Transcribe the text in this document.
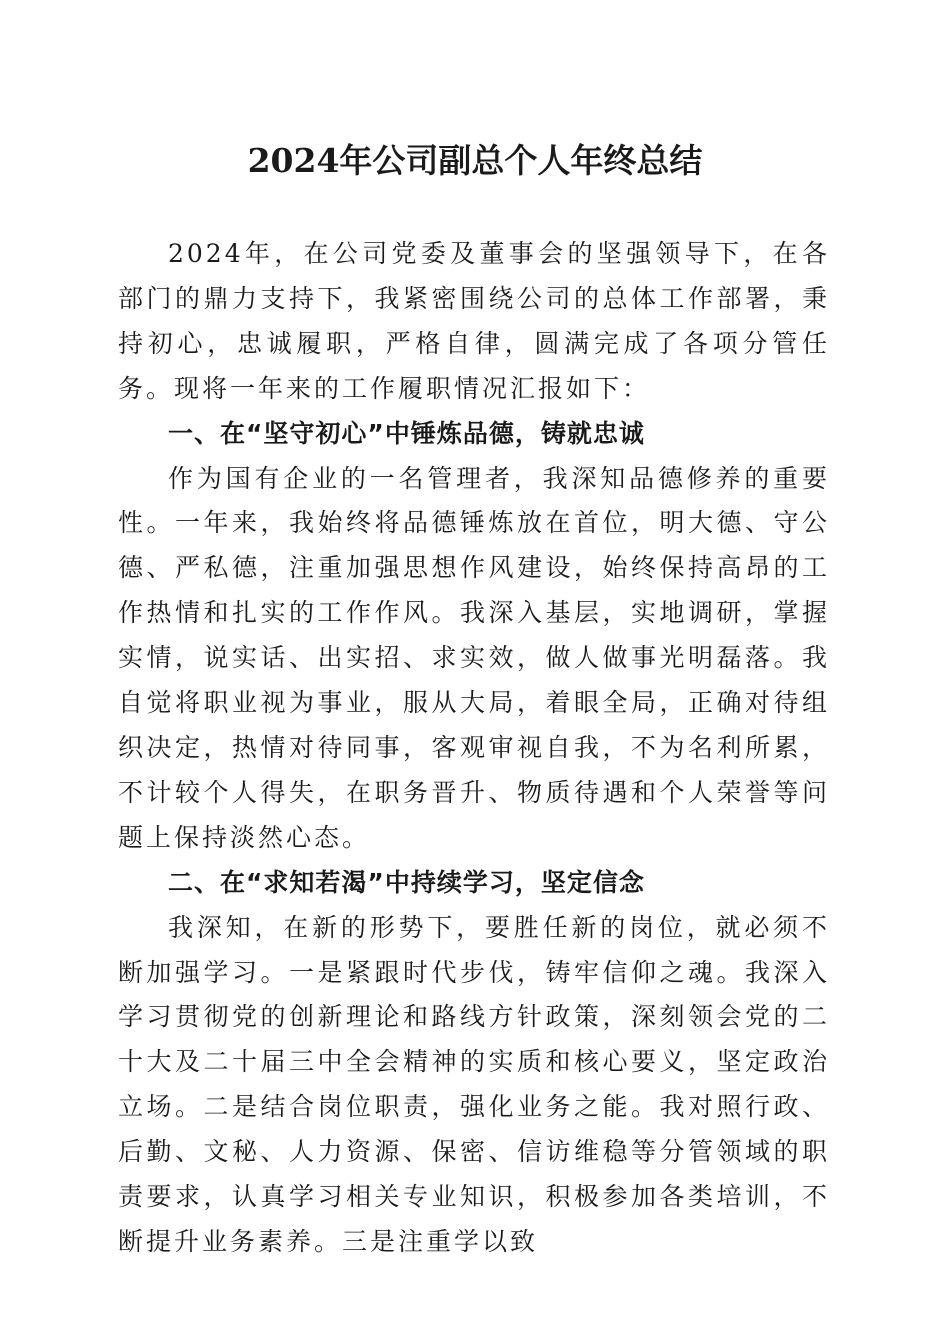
2024年公司副总个人年终总结

2024年，在公司党委及董事会的坚强领导下，在各部门的鼎力支持下，我紧密围绕公司的总体工作部署，秉持初心，忠诚履职，严格自律，圆满完成了各项分管任务。现将一年来的工作履职情况汇报如下：

一、在“坚守初心”中锤炼品德，铸就忠诚

作为国有企业的一名管理者，我深知品德修养的重要性。一年来，我始终将品德锤炼放在首位，明大德、守公德、严私德，注重加强思想作风建设，始终保持高昂的工作热情和扎实的工作作风。我深入基层，实地调研，掌握实情，说实话、出实招、求实效，做人做事光明磊落。我自觉将职业视为事业，服从大局，着眼全局，正确对待组织决定，热情对待同事，客观审视自我，不为名利所累，不计较个人得失，在职务晋升、物质待遇和个人荣誉等问题上保持淡然心态。

二、在“求知若渴”中持续学习，坚定信念

我深知，在新的形势下，要胜任新的岗位，就必须不断加强学习。一是紧跟时代步伐，铸牢信仰之魂。我深入学习贯彻党的创新理论和路线方针政策，深刻领会党的二十大及二十届三中全会精神的实质和核心要义，坚定政治立场。二是结合岗位职责，强化业务之能。我对照行政、后勤、文秘、人力资源、保密、信访维稳等分管领域的职责要求，认真学习相关专业知识，积极参加各类培训，不断提升业务素养。三是注重学以致
